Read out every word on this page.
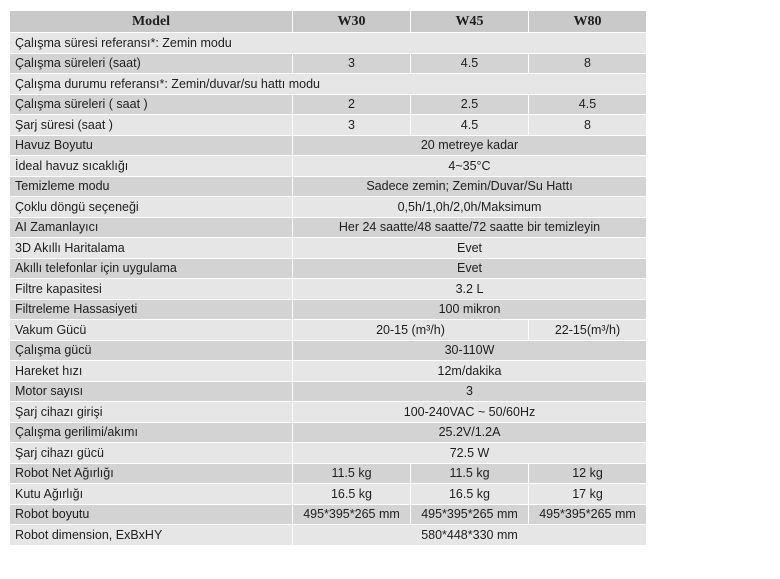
Model	W30	W45	W80
Çalışma süresi referansı*: Zemin modu			
Çalışma süreleri (saat)	3	4.5	8
Çalışma durumu referansı*: Zemin/duvar/su hattı modu			
Çalışma süreleri ( saat )	2	2.5	4.5
Şarj süresi (saat )	3	4.5	8
Havuz Boyutu	20 metreye kadar		
İdeal havuz sıcaklığı	4~35°C		
Temizleme modu	Sadece zemin; Zemin/Duvar/Su Hattı		
Çoklu döngü seçeneği	0,5h/1,0h/2,0h/Maksimum		
AI Zamanlayıcı	Her 24 saatte/48 saatte/72 saatte bir temizleyin		
3D Akıllı Haritalama	Evet		
Akıllı telefonlar için uygulama	Evet		
Filtre kapasitesi	3.2 L		
Filtreleme Hassasiyeti	100 mikron		
Vakum Gücü	20-15 (m³/h)		22-15(m³/h)
Çalışma gücü	30-110W		
Hareket hızı	12m/dakika		
Motor sayısı	3		
Şarj cihazı girişi	100-240VAC ~ 50/60Hz		
Çalışma gerilimi/akımı	25.2V/1.2A		
Şarj cihazı gücü	72.5 W		
Robot Net Ağırlığı	11.5 kg	11.5 kg	12 kg
Kutu Ağırlığı	16.5 kg	16.5 kg	17 kg
Robot boyutu	495*395*265 mm	495*395*265 mm	495*395*265 mm
Robot dimension, ExBxHY	580*448*330 mm		
